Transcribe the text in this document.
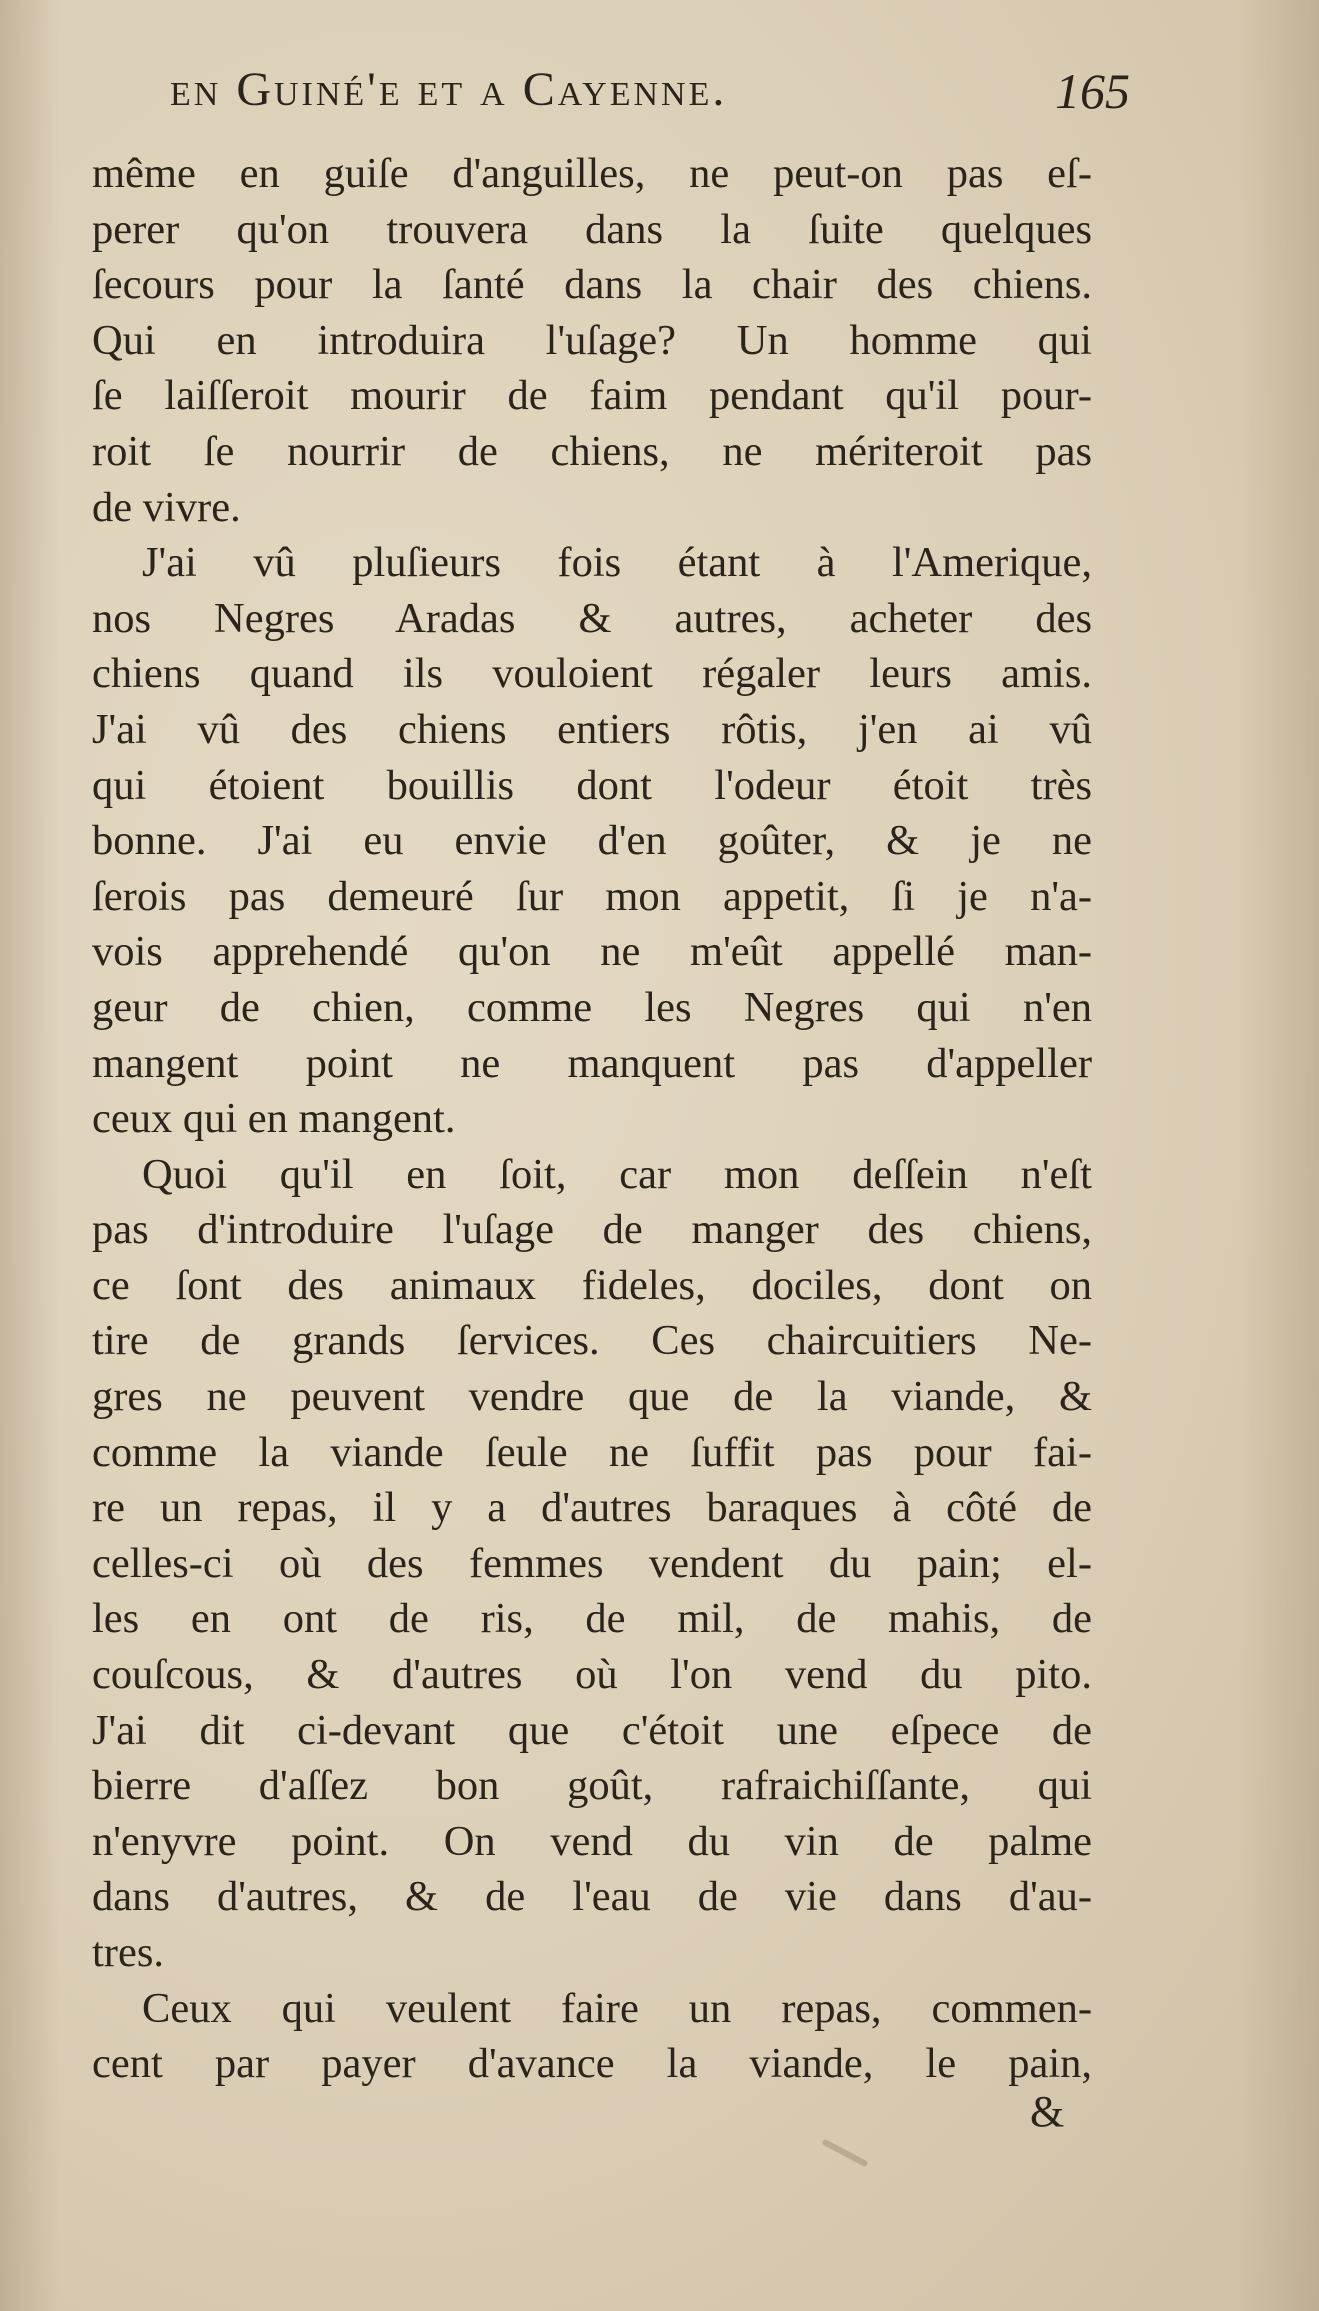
en Guiné'e et a Cayenne.	165
même en guiſe d'anguilles, ne peut-on pas eſ-
perer qu'on trouvera dans la ſuite quelques
ſecours pour la ſanté dans la chair des chiens.
Qui en introduira l'uſage? Un homme qui
ſe laiſſeroit mourir de faim pendant qu'il pour-
roit ſe nourrir de chiens, ne mériteroit pas
de vivre.
J'ai vû pluſieurs fois étant à l'Amerique,
nos Negres Aradas & autres, acheter des
chiens quand ils vouloient régaler leurs amis.
J'ai vû des chiens entiers rôtis, j'en ai vû
qui étoient bouillis dont l'odeur étoit très
bonne. J'ai eu envie d'en goûter, & je ne
ſerois pas demeuré ſur mon appetit, ſi je n'a-
vois apprehendé qu'on ne m'eût appellé man-
geur de chien, comme les Negres qui n'en
mangent point ne manquent pas d'appeller
ceux qui en mangent.
Quoi qu'il en ſoit, car mon deſſein n'eſt
pas d'introduire l'uſage de manger des chiens,
ce ſont des animaux fideles, dociles, dont on
tire de grands ſervices. Ces chaircuitiers Ne-
gres ne peuvent vendre que de la viande, &
comme la viande ſeule ne ſuffit pas pour fai-
re un repas, il y a d'autres baraques à côté de
celles-ci où des femmes vendent du pain; el-
les en ont de ris, de mil, de mahis, de
couſcous, & d'autres où l'on vend du pito.
J'ai dit ci-devant que c'étoit une eſpece de
bierre d'aſſez bon goût, rafraichiſſante, qui
n'enyvre point. On vend du vin de palme
dans d'autres, & de l'eau de vie dans d'au-
tres.
Ceux qui veulent faire un repas, commen-
cent par payer d'avance la viande, le pain,
&
